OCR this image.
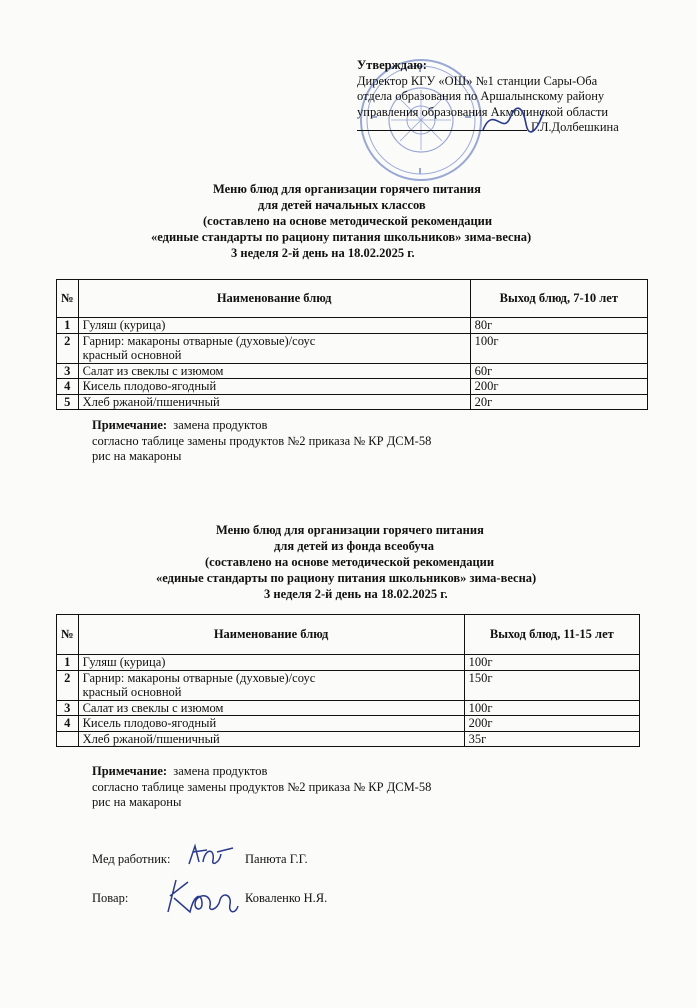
Утверждаю:
Директор КГУ «ОШ» №1 станции Сары-Оба
отдела образования по Аршалынскому району
управления образования Акмолинской области
Г.Л.Долбешкина
Меню блюд для организации горячего питания
для детей начальных классов
(составлено на основе методической рекомендации
«единые стандарты по рациону питания школьников» зима-весна)
3 неделя 2-й день на 18.02.2025 г.
№	Наименование блюд	Выход блюд, 7-10 лет
1	Гуляш (курица)	80г
2	Гарнир: макароны отварные (духовые)/соус красный основной	100г
3	Салат из свеклы с изюмом	60г
4	Кисель плодово-ягодный	200г
5	Хлеб ржаной/пшеничный	20г
Примечание: замена продуктов
согласно таблице замены продуктов №2 приказа № КР ДСМ-58
рис на макароны
Меню блюд для организации горячего питания
для детей из фонда всеобуча
(составлено на основе методической рекомендации
«единые стандарты по рациону питания школьников» зима-весна)
3 неделя 2-й день на 18.02.2025 г.
№	Наименование блюд	Выход блюд, 11-15 лет
1	Гуляш (курица)	100г
2	Гарнир: макароны отварные (духовые)/соус красный основной	150г
3	Салат из свеклы с изюмом	100г
4	Кисель плодово-ягодный	200г
	Хлеб ржаной/пшеничный	35г
Примечание: замена продуктов
согласно таблице замены продуктов №2 приказа № КР ДСМ-58
рис на макароны
Мед работник:	Панюта Г.Г.
Повар:	Коваленко Н.Я.
